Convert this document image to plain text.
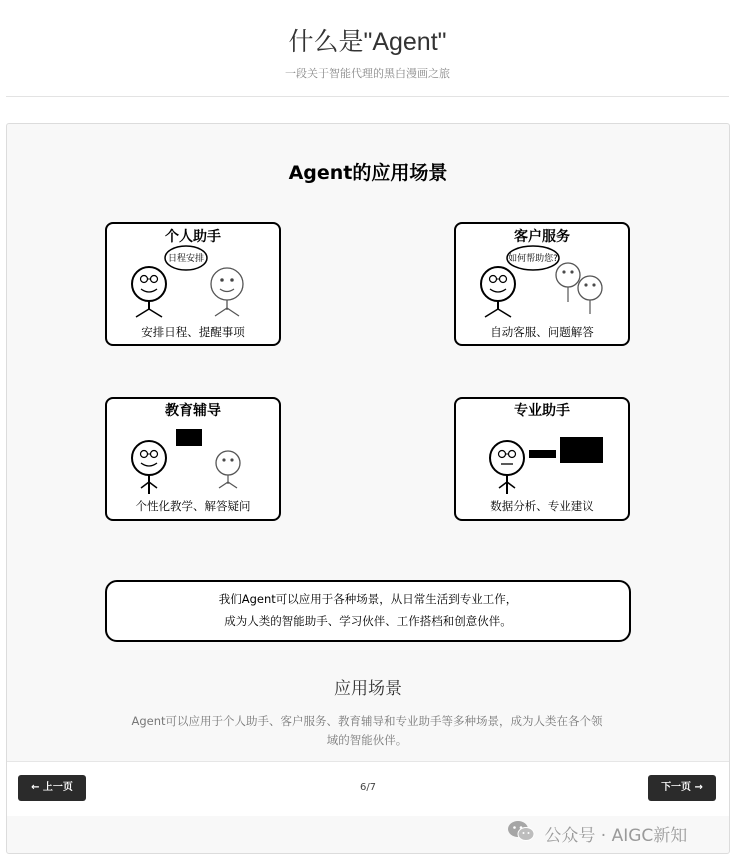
什么是"Agent"
一段关于智能代理的黑白漫画之旅
Agent的应用场景
个人助手
日程安排
安排日程、提醒事项
客户服务
如何帮助您?
自动客服、问题解答
教育辅导
个性化教学、解答疑问
专业助手
数据分析、专业建议
我们Agent可以应用于各种场景，从日常生活到专业工作，
成为人类的智能助手、学习伙伴、工作搭档和创意伙伴。
应用场景
Agent可以应用于个人助手、客户服务、教育辅导和专业助手等多种场景，成为人类在各个领域的智能伙伴。
← 上一页	6/7	下一页 →
公众号 · AIGC新知
